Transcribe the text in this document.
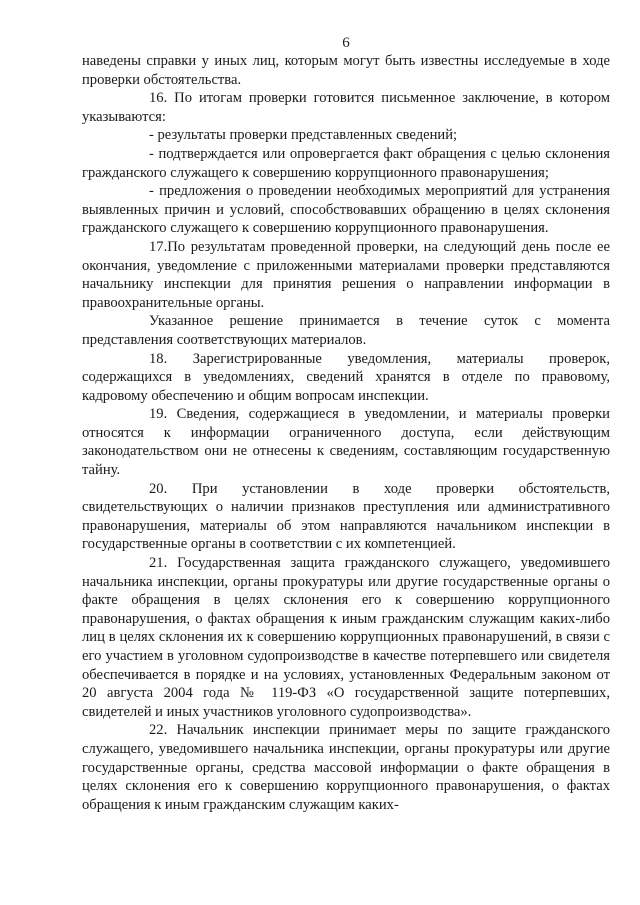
6

наведены справки у иных лиц, которым могут быть известны исследуемые в ходе проверки обстоятельства.

16. По итогам проверки готовится письменное заключение, в котором указываются:

- результаты проверки представленных сведений;

- подтверждается или опровергается факт обращения с целью склонения гражданского служащего к совершению коррупционного правонарушения;

- предложения о проведении необходимых мероприятий для устранения выявленных причин и условий, способствовавших обращению в целях склонения гражданского служащего к совершению коррупционного правонарушения.

17.По результатам проведенной проверки, на следующий день после ее окончания, уведомление с приложенными материалами проверки представляются начальнику инспекции для принятия решения о направлении информации в правоохранительные органы.

Указанное решение принимается в течение суток с момента представления соответствующих материалов.

18. Зарегистрированные уведомления, материалы проверок, содержащихся в уведомлениях, сведений хранятся в отделе по правовому, кадровому обеспечению и общим вопросам инспекции.

19. Сведения, содержащиеся в уведомлении, и материалы проверки относятся к информации ограниченного доступа, если действующим законодательством они не отнесены к сведениям, составляющим государственную тайну.

20. При установлении в ходе проверки обстоятельств, свидетельствующих о наличии признаков преступления или административного правонарушения, материалы об этом направляются начальником инспекции в государственные органы в соответствии с их компетенцией.

21. Государственная защита гражданского служащего, уведомившего начальника инспекции, органы прокуратуры или другие государственные органы о факте обращения в целях склонения его к совершению коррупционного правонарушения, о фактах обращения к иным гражданским служащим каких-либо лиц в целях склонения их к совершению коррупционных правонарушений, в связи с его участием в уголовном судопроизводстве в качестве потерпевшего или свидетеля обеспечивается в порядке и на условиях, установленных Федеральным законом от 20 августа 2004 года № 119-ФЗ «О государственной защите потерпевших, свидетелей и иных участников уголовного судопроизводства».

22. Начальник инспекции принимает меры по защите гражданского служащего, уведомившего начальника инспекции, органы прокуратуры или другие государственные органы, средства массовой информации о факте обращения в целях склонения его к совершению коррупционного правонарушения, о фактах обращения к иным гражданским служащим каких-
